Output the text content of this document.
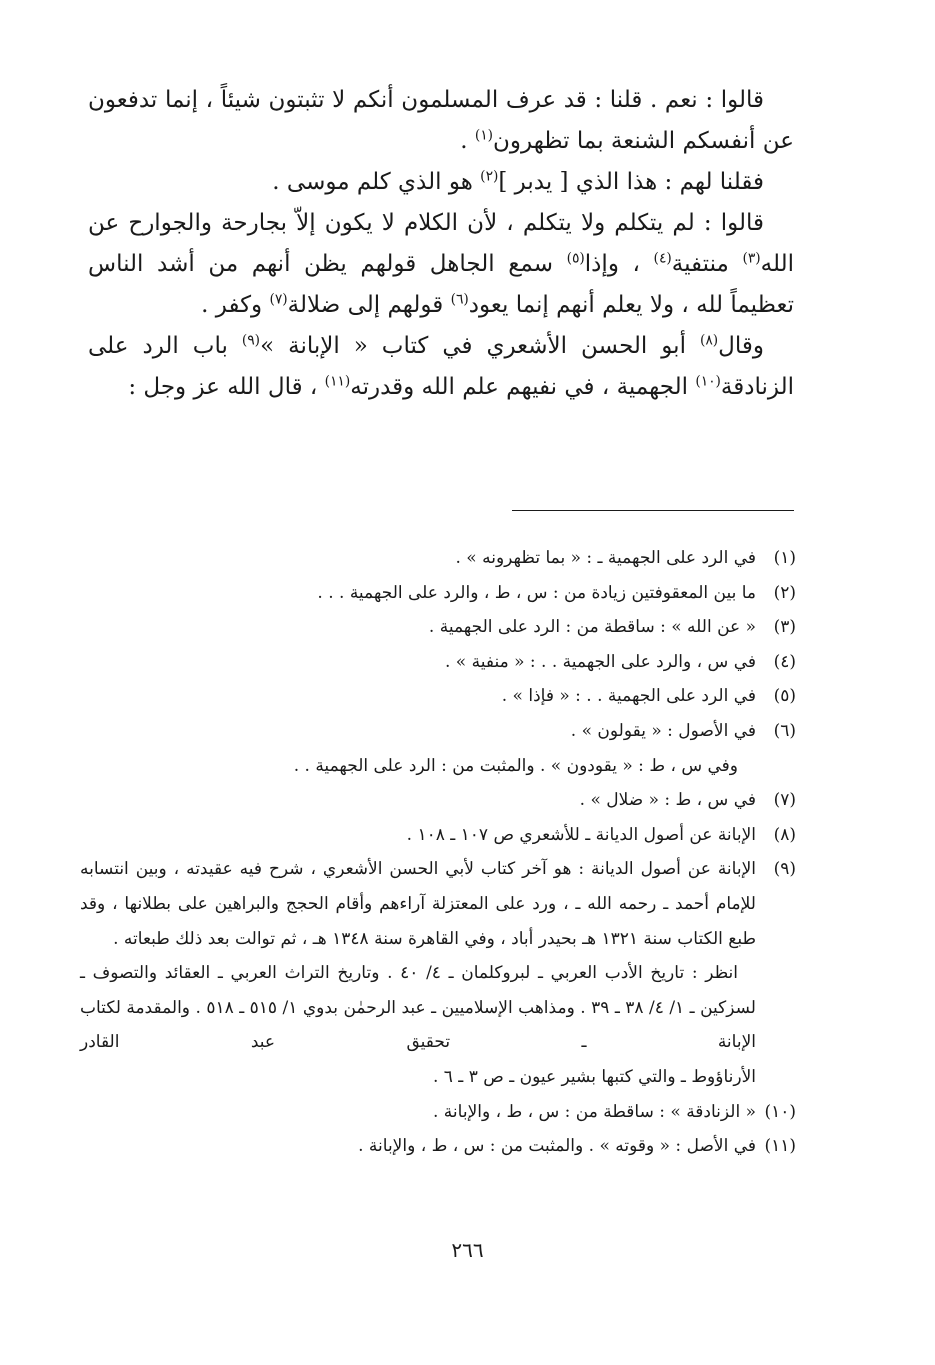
قالوا : نعم . قلنا : قد عرف المسلمون أنكم لا تثبتون شيئاً ، إنما تدفعون عن أنفسكم الشنعة بما تظهرون$^{(١)}$ .

فقلنا لهم : هذا الذي [ يدبر ]$^{(٢)}$ هو الذي كلم موسى .

قالوا : لم يتكلم ولا يتكلم ، لأن الكلام لا يكون إلاّ بجارحة والجوارح عن الله$^{(٣)}$ منتفية$^{(٤)}$ ، وإذا$^{(٥)}$ سمع الجاهل قولهم يظن أنهم من أشد الناس تعظيماً لله ، ولا يعلم أنهم إنما يعود$^{(٦)}$ قولهم إلى ضلالة$^{(٧)}$ وكفر .

وقال$^{(٨)}$ أبو الحسن الأشعري في كتاب « الإبانة »$^{(٩)}$ باب الرد على الزنادقة$^{(١٠)}$ الجهمية ، في نفيهم علم الله وقدرته$^{(١١)}$ ، قال الله عز وجل :

(١)
في الرد على الجهمية ـ : « بما تظهرونه » .
(٢)
ما بين المعقوفتين زيادة من : س ، ط ، والرد على الجهمية . . .
(٣)
« عن الله » : ساقطة من : الرد على الجهمية .
(٤)
في س ، والرد على الجهمية . . : « منفية » .
(٥)
في الرد على الجهمية . . : « فإذا » .
(٦)
في الأصول : « يقولون » .
وفي س ، ط : « يقودون » . والمثبت من : الرد على الجهمية . .
(٧)
في س ، ط : « ضلال » .
(٨)
الإبانة عن أصول الديانة ـ للأشعري ص ١٠٧ ـ ١٠٨ .
(٩)
الإبانة عن أصول الديانة : هو آخر كتاب لأبي الحسن الأشعري ، شرح فيه عقيدته ، وبين انتسابه للإمام أحمد ـ رحمه الله ـ ، ورد على المعتزلة آراءهم وأقام الحجج والبراهين على بطلانها ، وقد طبع الكتاب سنة ١٣٢١ هـ بحيدر أباد ، وفي القاهرة سنة ١٣٤٨ هـ ، ثم توالت بعد ذلك طبعاته .
انظر : تاريخ الأدب العربي ـ لبروكلمان ـ ٤/ ٤٠ . وتاريخ التراث العربي ـ العقائد والتصوف ـ لسزكين ـ ١/ ٤/ ٣٨ ـ ٣٩ . ومذاهب الإسلاميين ـ عبد الرحمٰن بدوي ١/ ٥١٥ ـ ٥١٨ . والمقدمة لكتاب الإبانة ـ تحقيق عبد القادر
الأرناؤوط ـ والتي كتبها بشير عيون ـ ص ٣ ـ ٦ .
(١٠)
« الزنادقة » : ساقطة من : س ، ط ، والإبانة .
(١١)
في الأصل : « وقوته » . والمثبت من : س ، ط ، والإبانة .
٢٦٦
